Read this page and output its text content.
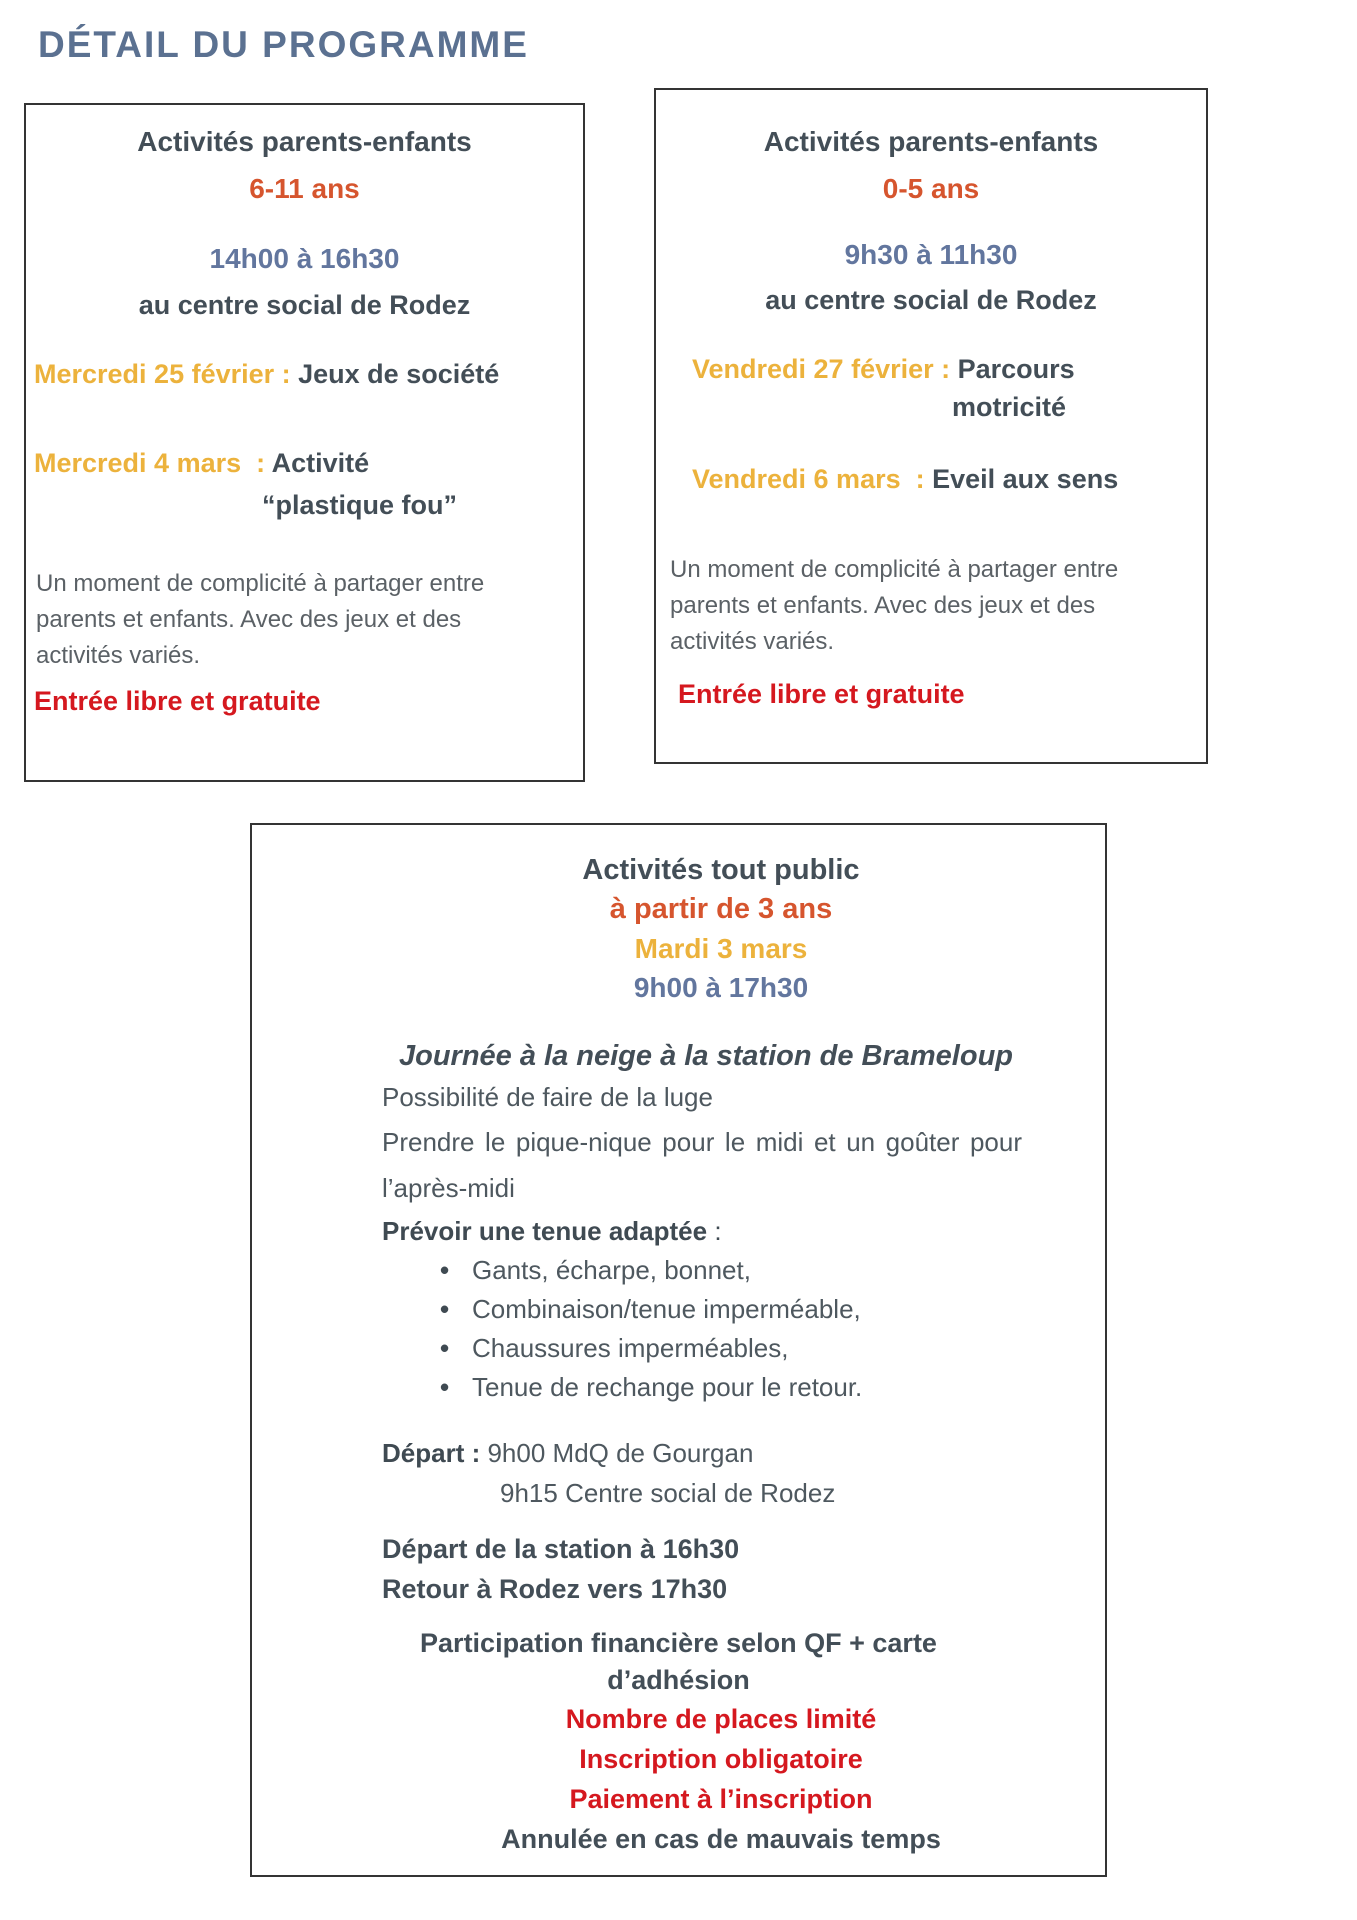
DÉTAIL DU PROGRAMME
Activités parents-enfants
6-11 ans
14h00 à 16h30
au centre social de Rodez
Mercredi 25 février : Jeux de société
Mercredi 4 mars  : Activité
“plastique fou”
Un moment de complicité à partager entre parents et enfants. Avec des jeux et des activités variés.
Entrée libre et gratuite
Activités parents-enfants
0-5 ans
9h30 à 11h30
au centre social de Rodez
Vendredi 27 février : Parcours
motricité
Vendredi 6 mars  : Eveil aux sens
Un moment de complicité à partager entre parents et enfants. Avec des jeux et des activités variés.
Entrée libre et gratuite
Activités tout public
à partir de 3 ans
Mardi 3 mars
9h00 à 17h30
Journée à la neige à la station de Brameloup
Possibilité de faire de la luge
Prendre le pique-nique pour le midi et un goûter pour l’après-midi
Prévoir une tenue adaptée :
• Gants, écharpe, bonnet,
• Combinaison/tenue imperméable,
• Chaussures imperméables,
• Tenue de rechange pour le retour.
Départ : 9h00 MdQ de Gourgan
9h15 Centre social de Rodez
Départ de la station à 16h30
Retour à Rodez vers 17h30
Participation financière selon QF + carte d’adhésion
Nombre de places limité
Inscription obligatoire
Paiement à l’inscription
Annulée en cas de mauvais temps
